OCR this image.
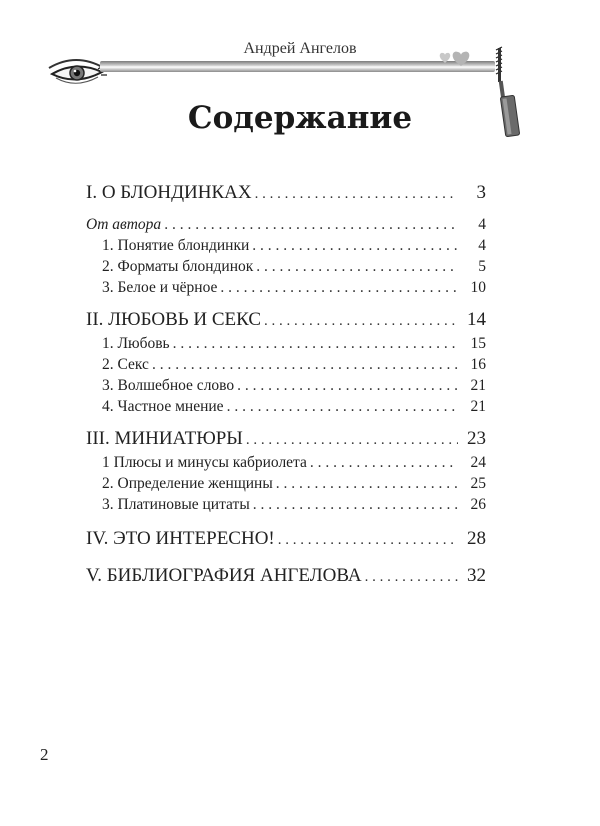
Андрей Ангелов
Содержание
I. О БЛОНДИНКАХ . . .	3
От автора . . .	4
1. Понятие блондинки . . .	4
2. Форматы блондинок . . .	5
3. Белое и чёрное . . .	10
II. ЛЮБОВЬ И СЕКС . . .	14
1. Любовь . . .	15
2. Секс . . .	16
3. Волшебное слово . . .	21
4. Частное мнение . . .	21
III. МИНИАТЮРЫ . . .	23
1 Плюсы и минусы кабриолета . . .	24
2. Определение женщины . . .	25
3. Платиновые цитаты . . .	26
IV. ЭТО ИНТЕРЕСНО! . . .	28
V. БИБЛИОГРАФИЯ АНГЕЛОВА . . .	32
2
